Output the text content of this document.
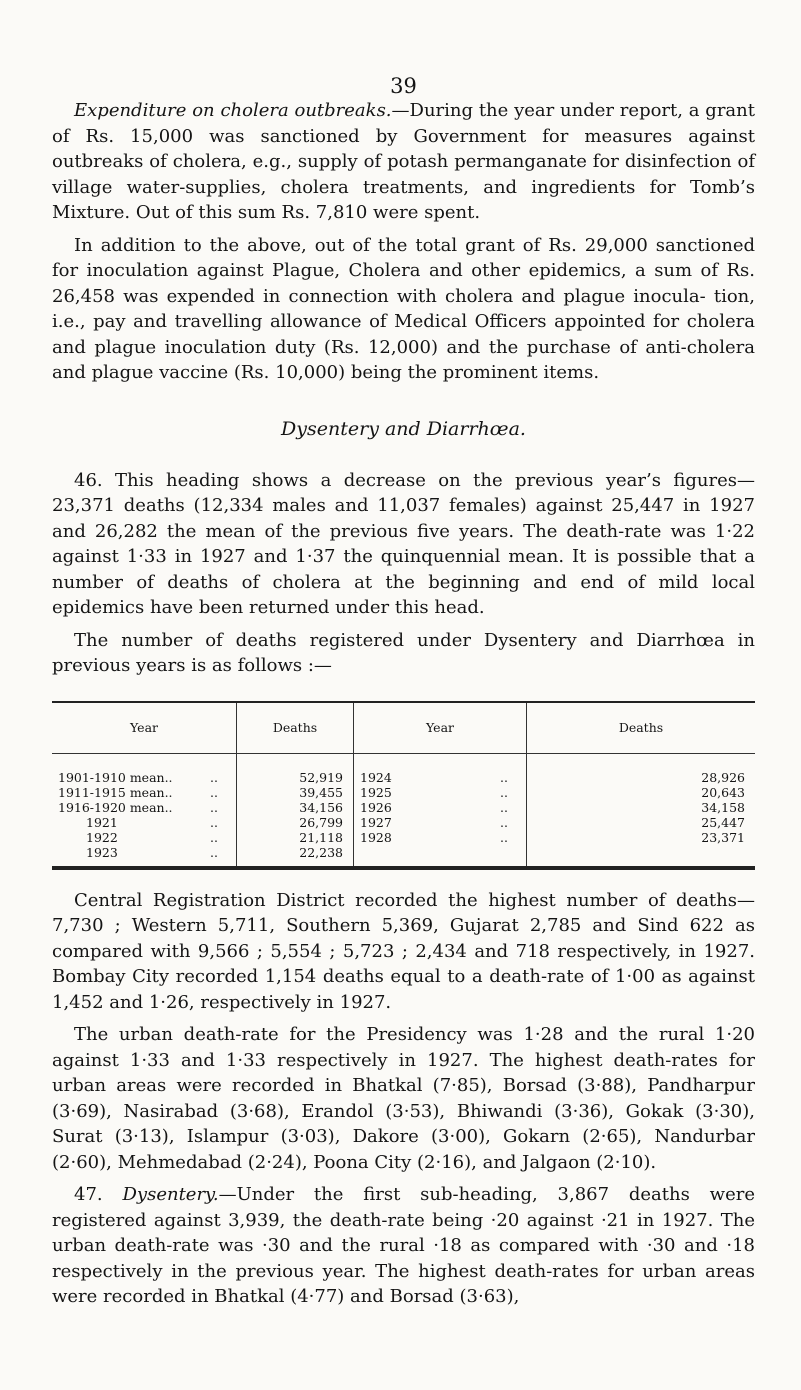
39

Expenditure on cholera outbreaks.—During the year under report, a grant of Rs. 15,000 was sanctioned by Government for measures against outbreaks of cholera, e.g., supply of potash permanganate for disinfection of village water-supplies, cholera treatments, and ingredients for Tomb’s Mixture. Out of this sum Rs. 7,810 were spent.

In addition to the above, out of the total grant of Rs. 29,000 sanctioned for inoculation against Plague, Cholera and other epidemics, a sum of Rs. 26,458 was expended in connection with cholera and plague inocula- tion, i.e., pay and travelling allowance of Medical Officers appointed for cholera and plague inoculation duty (Rs. 12,000) and the purchase of anti-cholera and plague vaccine (Rs. 10,000) being the prominent items.

Dysentery and Diarrhœa.

46. This heading shows a decrease on the previous year’s figures— 23,371 deaths (12,334 males and 11,037 females) against 25,447 in 1927 and 26,282 the mean of the previous five years. The death-rate was 1·22 against 1·33 in 1927 and 1·37 the quinquennial mean. It is possible that a number of deaths of cholera at the beginning and end of mild local epidemics have been returned under this head.

The number of deaths registered under Dysentery and Diarrhœa in previous years is as follows :—

Year	Deaths	Year	Deaths
1901-1910 mean.. ..	52,919	1924 ..	28,926
1911-1915 mean.. ..	39,455	1925 ..	20,643
1916-1920 mean.. ..	34,156	1926 ..	34,158
1921 ..	26,799	1927 ..	25,447
1922 ..	21,118	1928 ..	23,371
1923 ..	22,238		

Central Registration District recorded the highest number of deaths— 7,730 ; Western 5,711, Southern 5,369, Gujarat 2,785 and Sind 622 as compared with 9,566 ; 5,554 ; 5,723 ; 2,434 and 718 respectively, in 1927. Bombay City recorded 1,154 deaths equal to a death-rate of 1·00 as against 1,452 and 1·26, respectively in 1927.

The urban death-rate for the Presidency was 1·28 and the rural 1·20 against 1·33 and 1·33 respectively in 1927. The highest death-rates for urban areas were recorded in Bhatkal (7·85), Borsad (3·88), Pandharpur (3·69), Nasirabad (3·68), Erandol (3·53), Bhiwandi (3·36), Gokak (3·30), Surat (3·13), Islampur (3·03), Dakore (3·00), Gokarn (2·65), Nandurbar (2·60), Mehmedabad (2·24), Poona City (2·16), and Jalgaon (2·10).

47. Dysentery.—Under the first sub-heading, 3,867 deaths were registered against 3,939, the death-rate being ·20 against ·21 in 1927. The urban death-rate was ·30 and the rural ·18 as compared with ·30 and ·18 respectively in the previous year. The highest death-rates for urban areas were recorded in Bhatkal (4·77) and Borsad (3·63),
